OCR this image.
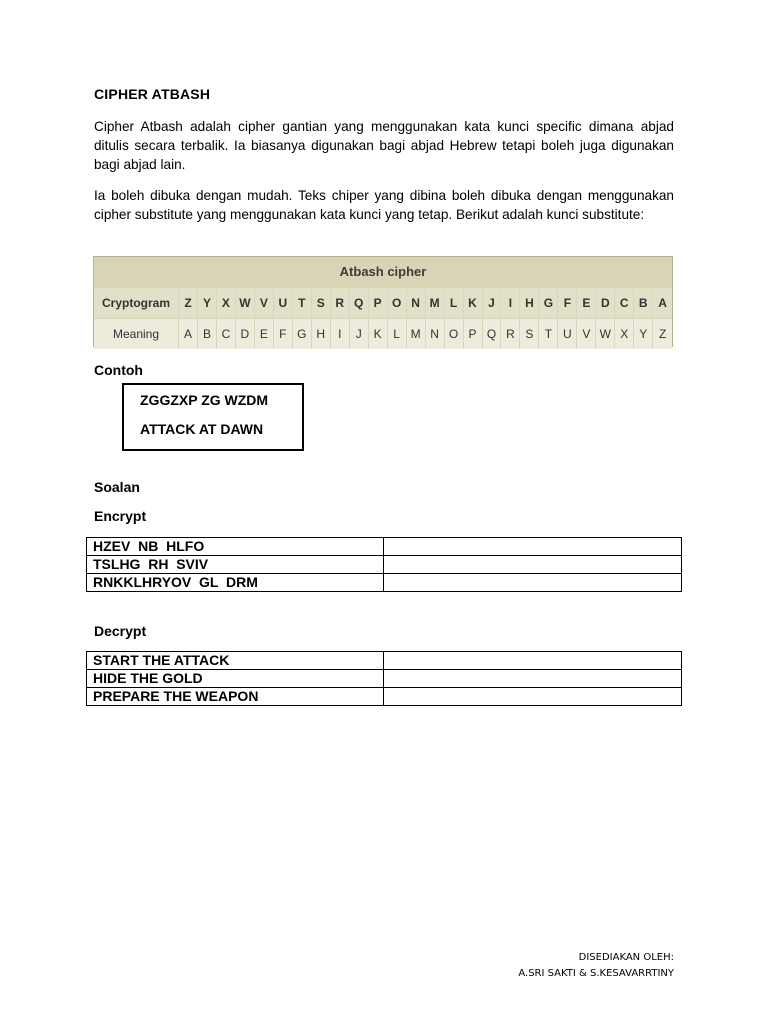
CIPHER ATBASH

Cipher Atbash adalah cipher gantian yang menggunakan kata kunci specific dimana abjad ditulis secara terbalik. Ia biasanya digunakan bagi abjad Hebrew tetapi boleh juga digunakan bagi abjad lain.

Ia boleh dibuka dengan mudah. Teks chiper yang dibina boleh dibuka dengan menggunakan cipher substitute yang menggunakan kata kunci yang tetap. Berikut adalah kunci substitute:

Atbash cipher
Cryptogram	Z	Y	X	W	V	U	T	S	R	Q	P	O	N	M	L	K	J	I	H	G	F	E	D	C	B	A
Meaning	A	B	C	D	E	F	G	H	I	J	K	L	M	N	O	P	Q	R	S	T	U	V	W	X	Y	Z
Contoh
ZGGZXP ZG WZDM
ATTACK AT DAWN
Soalan
Encrypt
HZEV  NB  HLFO	
TSLHG  RH  SVIV	
RNKKLHRYOV  GL  DRM	
Decrypt
START THE ATTACK	
HIDE THE GOLD	
PREPARE THE WEAPON	
DISEDIAKAN OLEH:
A.SRI SAKTI & S.KESAVARRTINY
